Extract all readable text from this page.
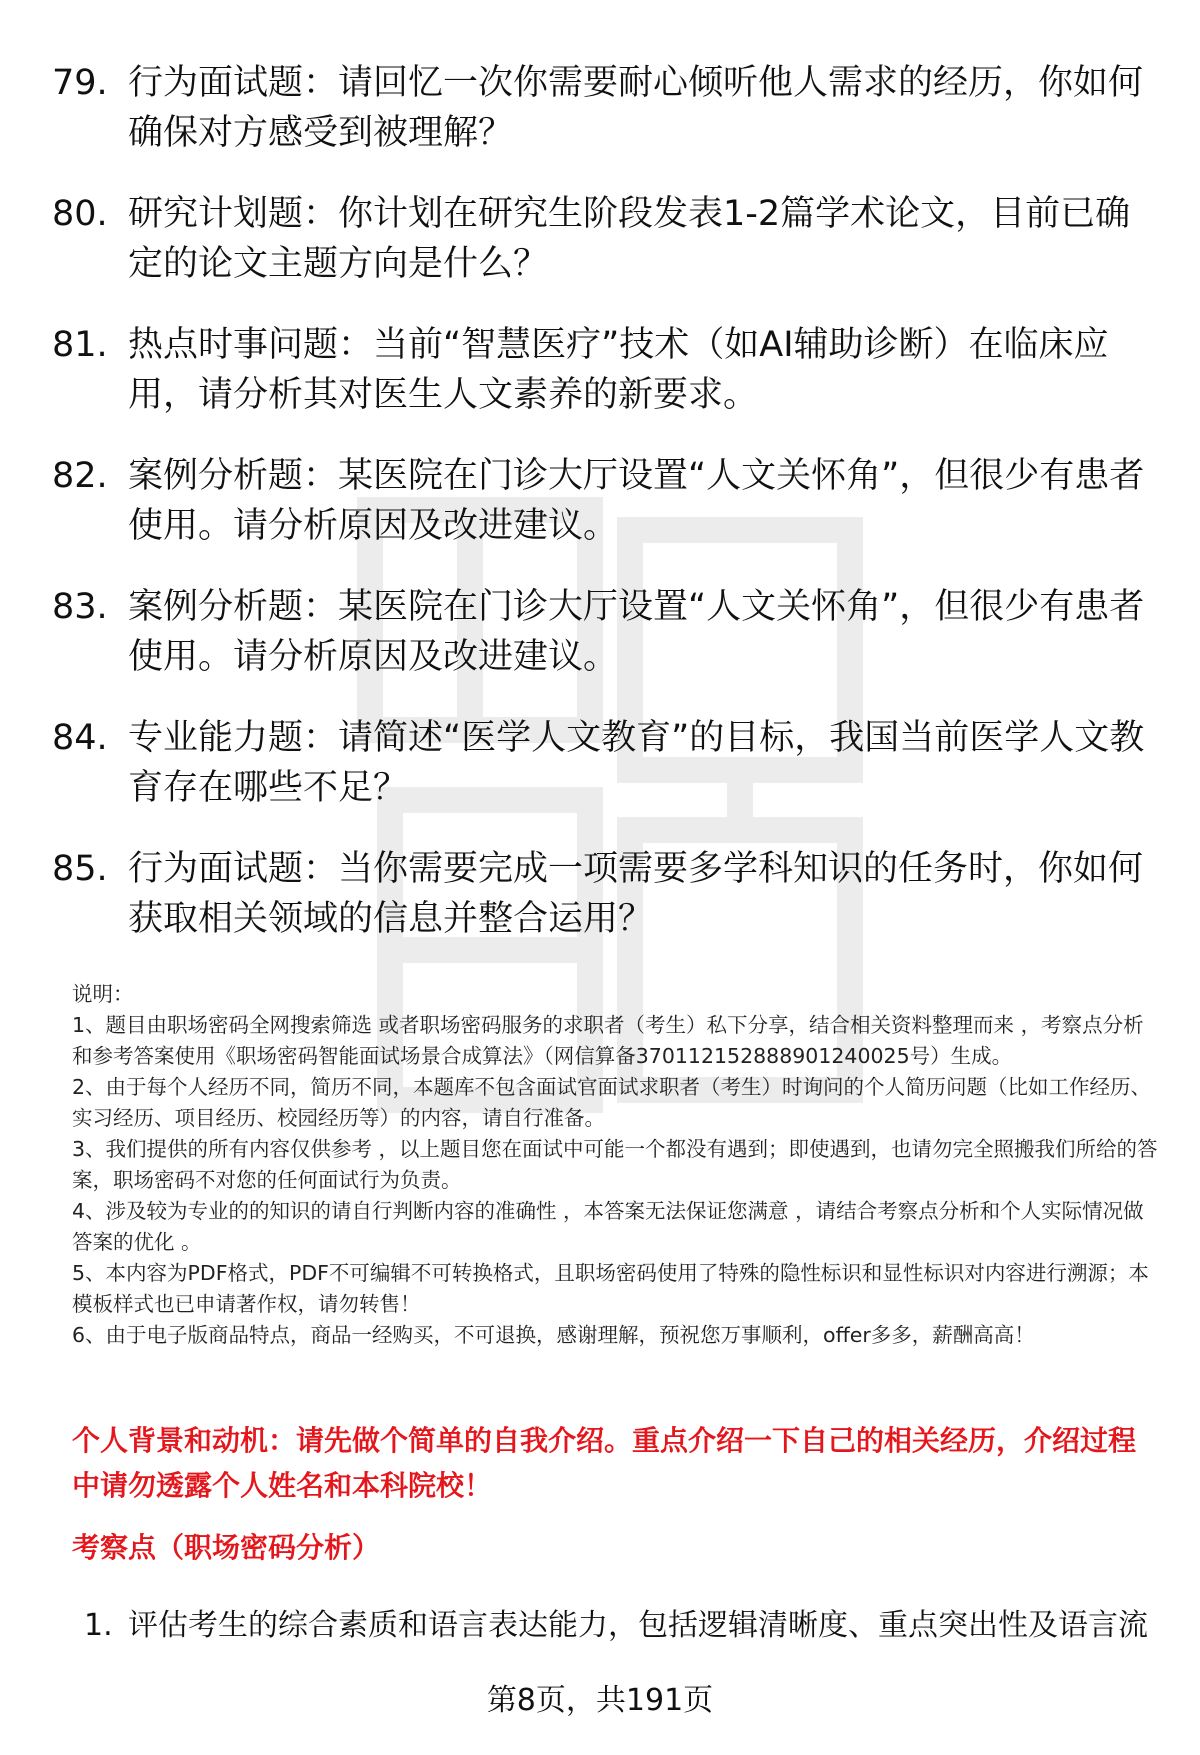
79. 行为面试题：请回忆一次你需要耐心倾听他人需求的经历，你如何确保对方感受到被理解？
80. 研究计划题：你计划在研究生阶段发表1-2篇学术论文，目前已确定的论文主题方向是什么？
81. 热点时事问题：当前“智慧医疗”技术（如AI辅助诊断）在临床应用，请分析其对医生人文素养的新要求。
82. 案例分析题：某医院在门诊大厅设置“人文关怀角”，但很少有患者使用。请分析原因及改进建议。
83. 案例分析题：某医院在门诊大厅设置“人文关怀角”，但很少有患者使用。请分析原因及改进建议。
84. 专业能力题：请简述“医学人文教育”的目标，我国当前医学人文教育存在哪些不足？
85. 行为面试题：当你需要完成一项需要多学科知识的任务时，你如何获取相关领域的信息并整合运用？

说明：

1、题目由职场密码全网搜索筛选 或者职场密码服务的求职者（考生）私下分享，结合相关资料整理而来 ，考察点分析和参考答案使用《职场密码智能面试场景合成算法》（网信算备370112152888901240025号）生成。

2、由于每个人经历不同，简历不同，本题库不包含面试官面试求职者（考生）时询问的个人简历问题（比如工作经历、实习经历、项目经历、校园经历等）的内容，请自行准备。

3、我们提供的所有内容仅供参考 ，以上题目您在面试中可能一个都没有遇到；即使遇到，也请勿完全照搬我们所给的答案，职场密码不对您的任何面试行为负责。

4、涉及较为专业的的知识的请自行判断内容的准确性 ，本答案无法保证您满意 ，请结合考察点分析和个人实际情况做答案的优化 。

5、本内容为PDF格式，PDF不可编辑不可转换格式，且职场密码使用了特殊的隐性标识和显性标识对内容进行溯源；本模板样式也已申请著作权，请勿转售！

6、由于电子版商品特点，商品一经购买，不可退换，感谢理解，预祝您万事顺利，offer多多，薪酬高高！

个人背景和动机：请先做个简单的自我介绍。重点介绍一下自己的相关经历，介绍过程中请勿透露个人姓名和本科院校！
考察点（职场密码分析）
1. 评估考生的综合素质和语言表达能力，包括逻辑清晰度、重点突出性及语言流
第8页，共191页
